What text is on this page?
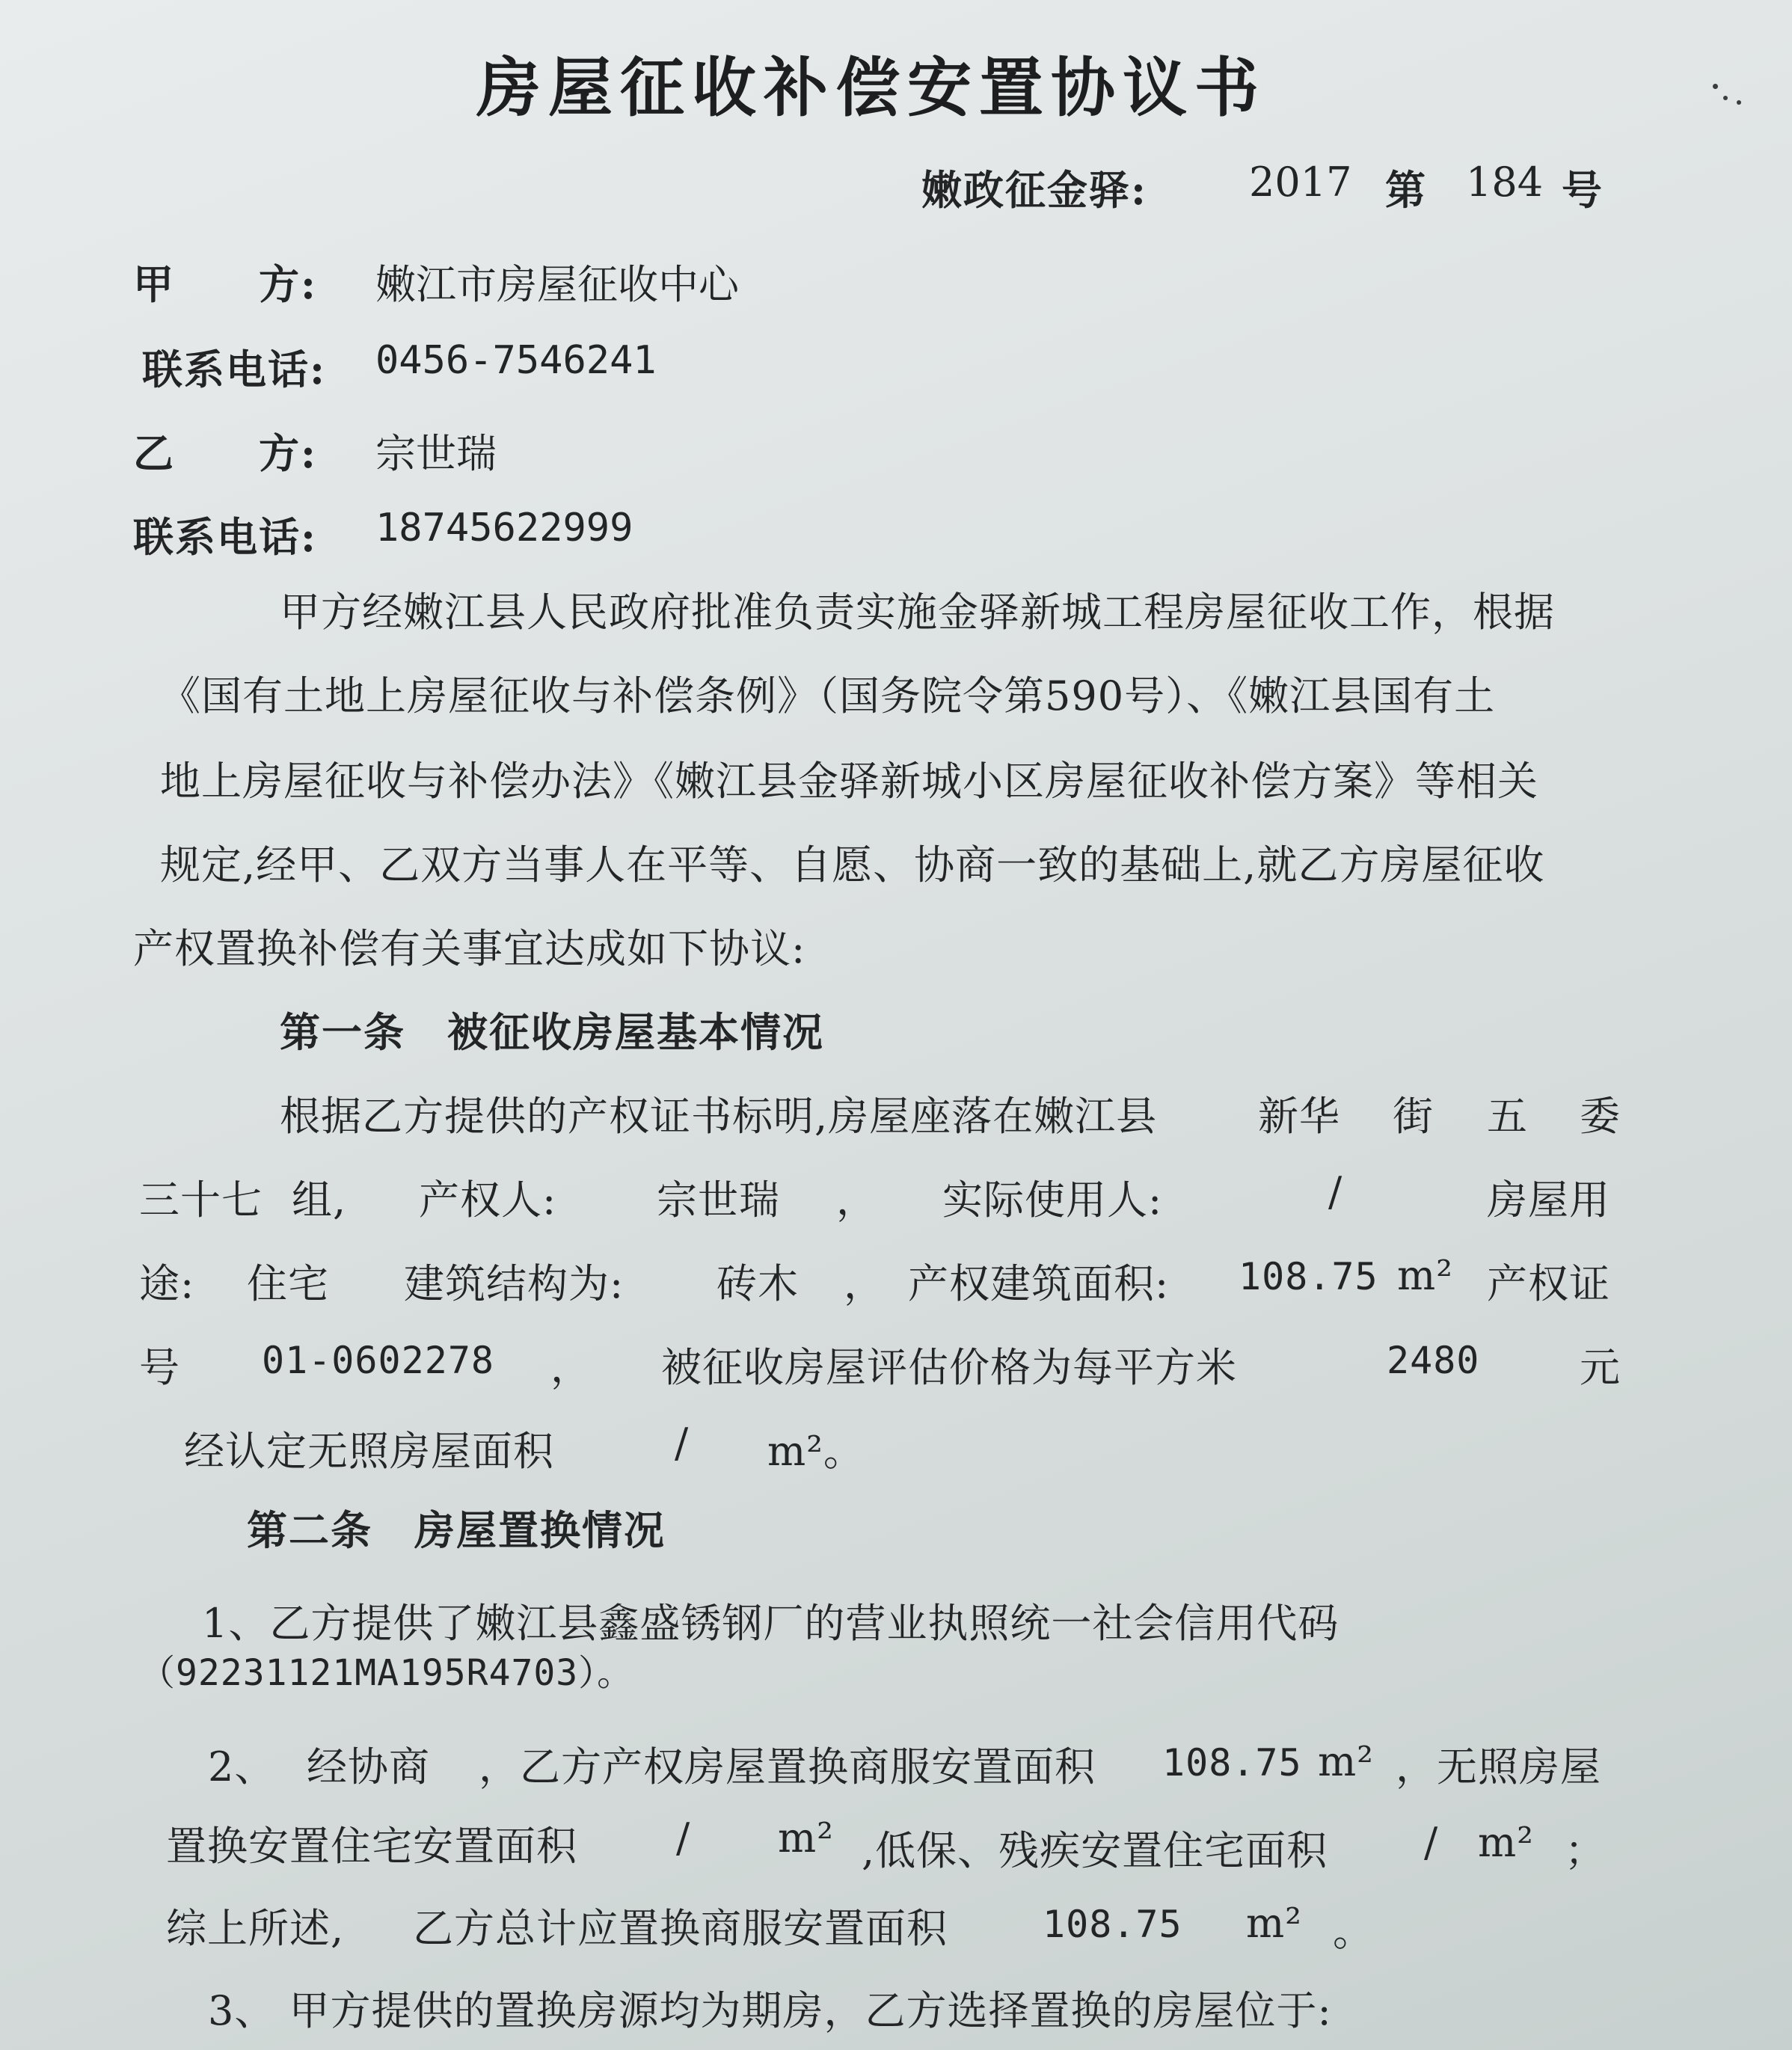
房屋征收补偿安置协议书
嫩政征金驿:	2017 第 184 号
甲　　方: 嫩江市房屋征收中心
联系电话: 0456-7546241
乙　　方: 宗世瑞
联系电话: 18745622999
甲方经嫩江县人民政府批准负责实施金驿新城工程房屋征收工作，根据
《国有土地上房屋征收与补偿条例》（国务院令第590号）、《嫩江县国有土
地上房屋征收与补偿办法》《嫩江县金驿新城小区房屋征收补偿方案》等相关
规定,经甲、乙双方当事人在平等、自愿、协商一致的基础上,就乙方房屋征收
产权置换补偿有关事宜达成如下协议:
第一条　被征收房屋基本情况
根据乙方提供的产权证书标明,房屋座落在嫩江县 新华 街 五 委
三十七 组, 产权人: 宗世瑞 ， 实际使用人:	/	房屋用
途: 住宅 建筑结构为: 砖木 ， 产权建筑面积: 108.75 m² 产权证
号 01-0602278 ， 被征收房屋评估价格为每平方米	2480 元
经认定无照房屋面积	/ m²。
第二条　房屋置换情况
1、乙方提供了嫩江县鑫盛锈钢厂的营业执照统一社会信用代码
（92231121MA195R4703）。
2、 经协商 ，乙方产权房屋置换商服安置面积 108.75 m² ，无照房屋
置换安置住宅安置面积 / m² ,低保、残疾安置住宅面积 / m² ；
综上所述, 乙方总计应置换商服安置面积	108.75 m² 。
3、 甲方提供的置换房源均为期房，乙方选择置换的房屋位于:
